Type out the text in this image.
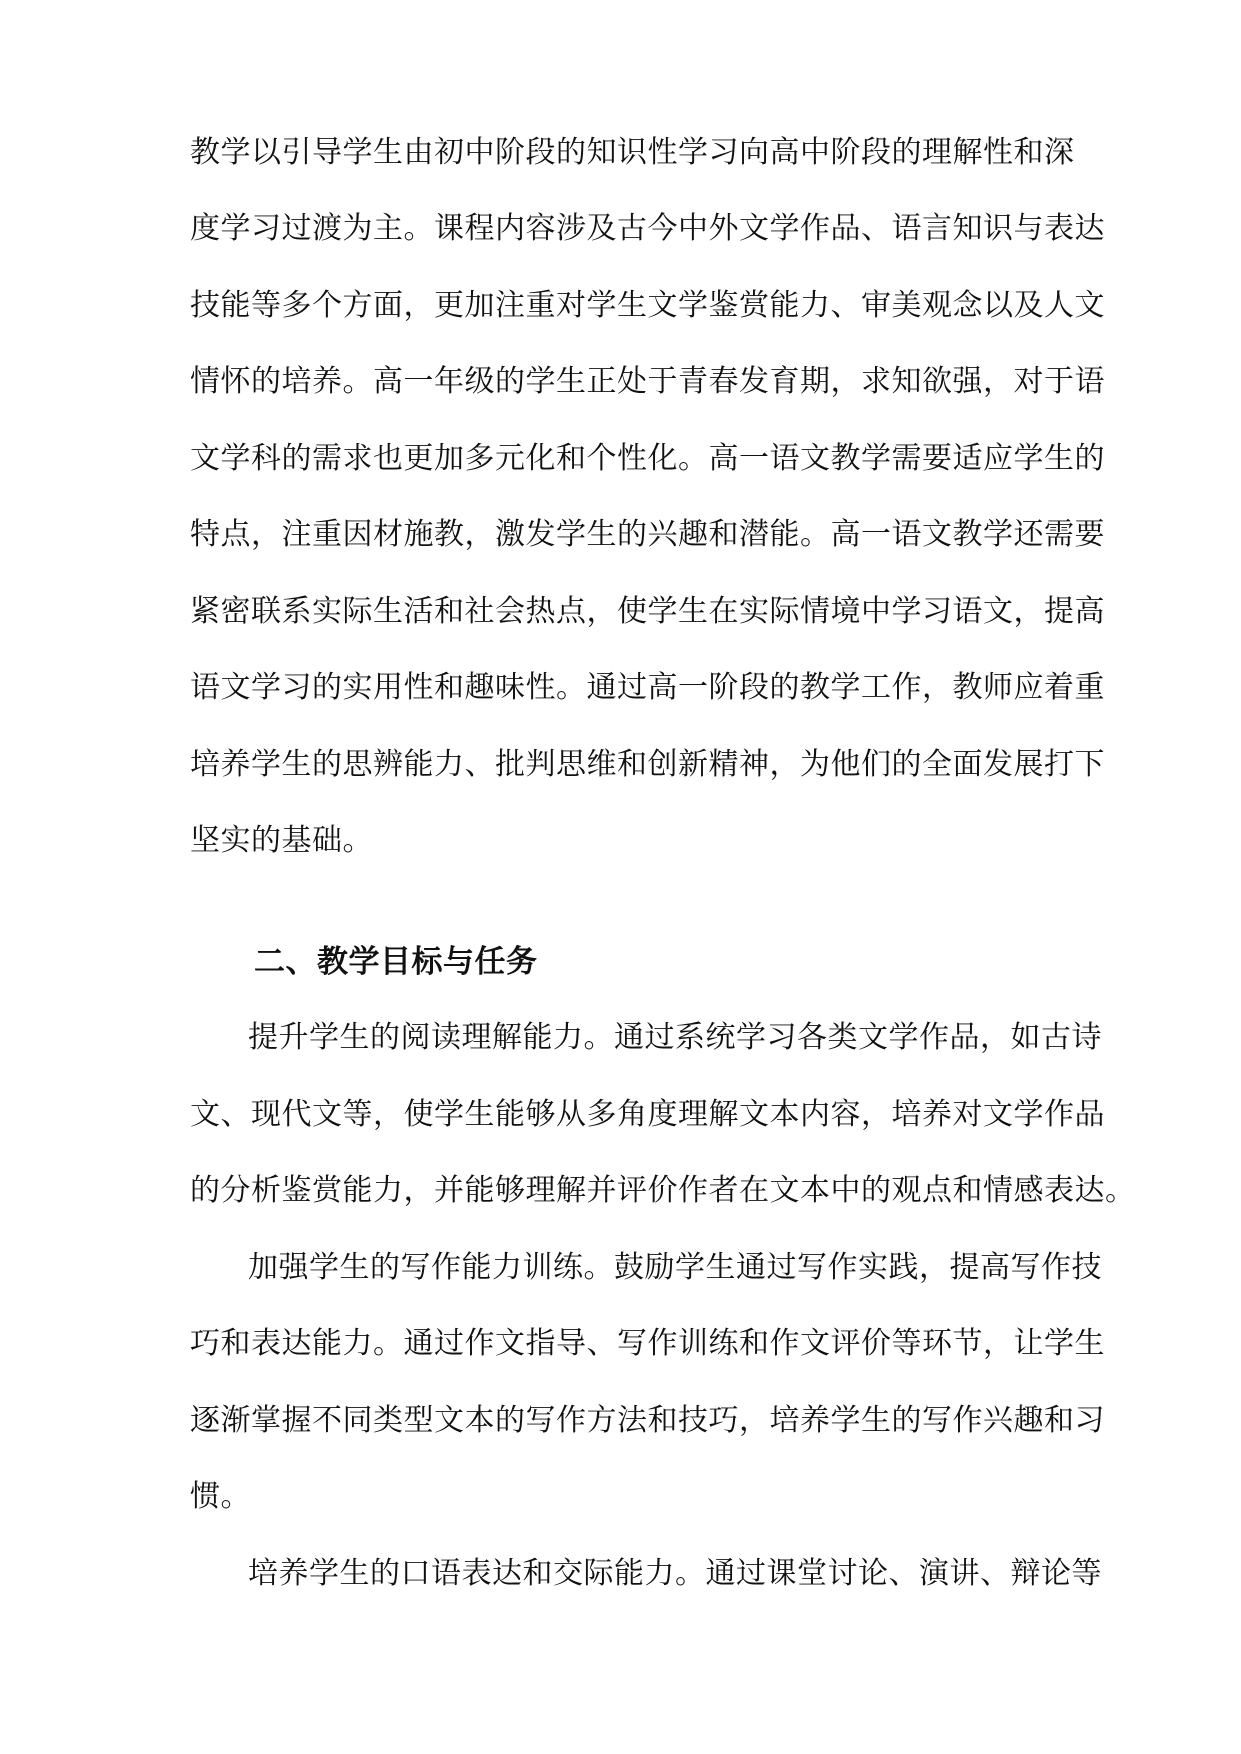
教学以引导学生由初中阶段的知识性学习向高中阶段的理解性和深
度学习过渡为主。课程内容涉及古今中外文学作品、语言知识与表达
技能等多个方面，更加注重对学生文学鉴赏能力、审美观念以及人文
情怀的培养。高一年级的学生正处于青春发育期，求知欲强，对于语
文学科的需求也更加多元化和个性化。高一语文教学需要适应学生的
特点，注重因材施教，激发学生的兴趣和潜能。高一语文教学还需要
紧密联系实际生活和社会热点，使学生在实际情境中学习语文，提高
语文学习的实用性和趣味性。通过高一阶段的教学工作，教师应着重
培养学生的思辨能力、批判思维和创新精神，为他们的全面发展打下
坚实的基础。
二、教学目标与任务
提升学生的阅读理解能力。通过系统学习各类文学作品，如古诗
文、现代文等，使学生能够从多角度理解文本内容，培养对文学作品
的分析鉴赏能力，并能够理解并评价作者在文本中的观点和情感表达。
加强学生的写作能力训练。鼓励学生通过写作实践，提高写作技
巧和表达能力。通过作文指导、写作训练和作文评价等环节，让学生
逐渐掌握不同类型文本的写作方法和技巧，培养学生的写作兴趣和习
惯。
培养学生的口语表达和交际能力。通过课堂讨论、演讲、辩论等
